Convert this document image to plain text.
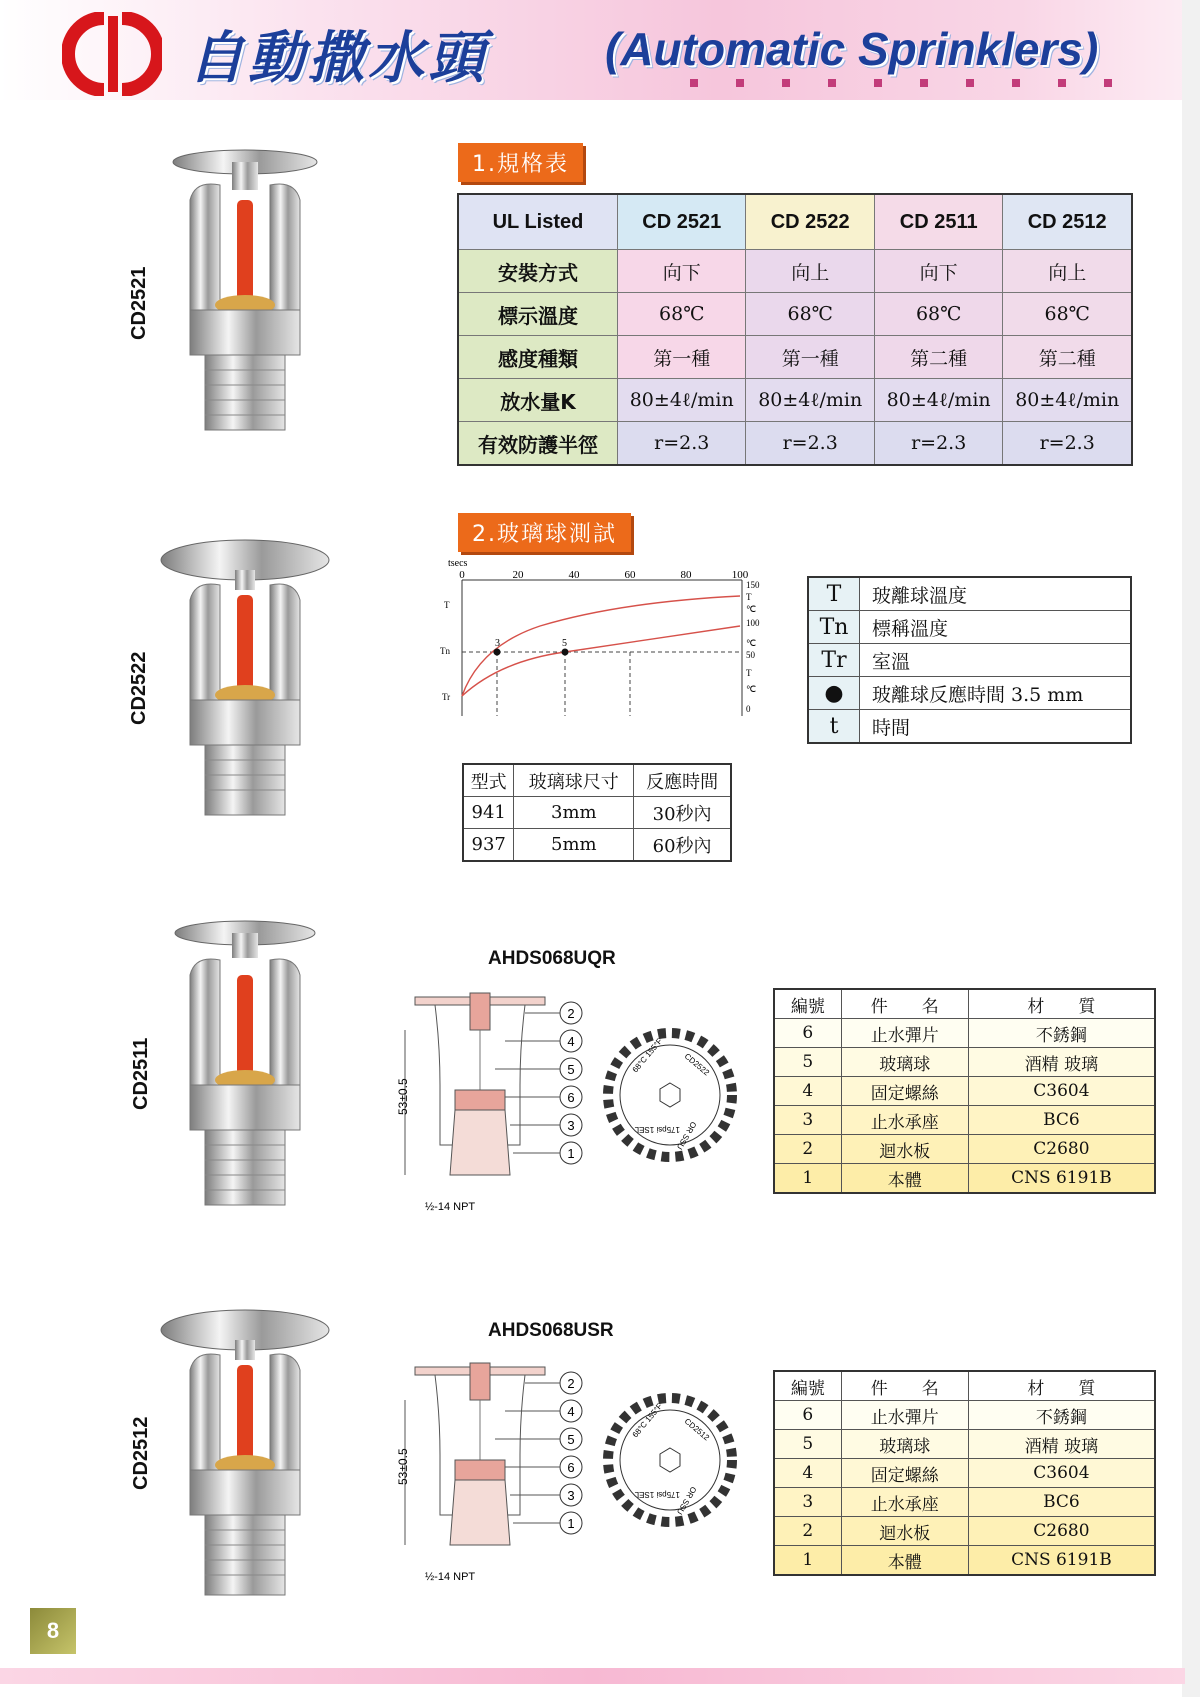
自動撒水頭	(Automatic Sprinklers)
1.規格表
UL Listed	CD 2521	CD 2522	CD 2511	CD 2512
安裝方式	向下	向上	向下	向上
標示溫度	68℃	68℃	68℃	68℃
感度種類	第一種	第一種	第二種	第二種
放水量K	80±4ℓ/min	80±4ℓ/min	80±4ℓ/min	80±4ℓ/min
有效防護半徑	r=2.3	r=2.3	r=2.3	r=2.3
CD2521
CD2522
CD2511
CD2512
2.玻璃球測試
tsecs
0	20	40	60	80	100
T
Tn
Tr
150
T
℃
100
℃
50
T
℃
0
3	5
T	玻離球溫度
Tn	標稱溫度
Tr	室溫
●	玻離球反應時間 3.5 mm
t	時間
型式	玻璃球尺寸	反應時間
941	3mm	30秒內
937	5mm	60秒內
AHDS068UQR
53±0.5
½-14 NPT
2
4
5
6
3
1
68°C 155°F CD2522
175psi 1SEL
OR SSU
編號	件　　名	材　　質
6	止水彈片	不銹鋼
5	玻璃球	酒精 玻璃
4	固定螺絲	C3604
3	止水承座	BC6
2	迴水板	C2680
1	本體	CNS 6191B
AHDS068USR
53±0.5
½-14 NPT
2
4
5
6
3
1
68°C 155°F CD2512
175psi 1SEL
OR SSU
編號	件　　名	材　　質
6	止水彈片	不銹鋼
5	玻璃球	酒精 玻璃
4	固定螺絲	C3604
3	止水承座	BC6
2	迴水板	C2680
1	本體	CNS 6191B
8
